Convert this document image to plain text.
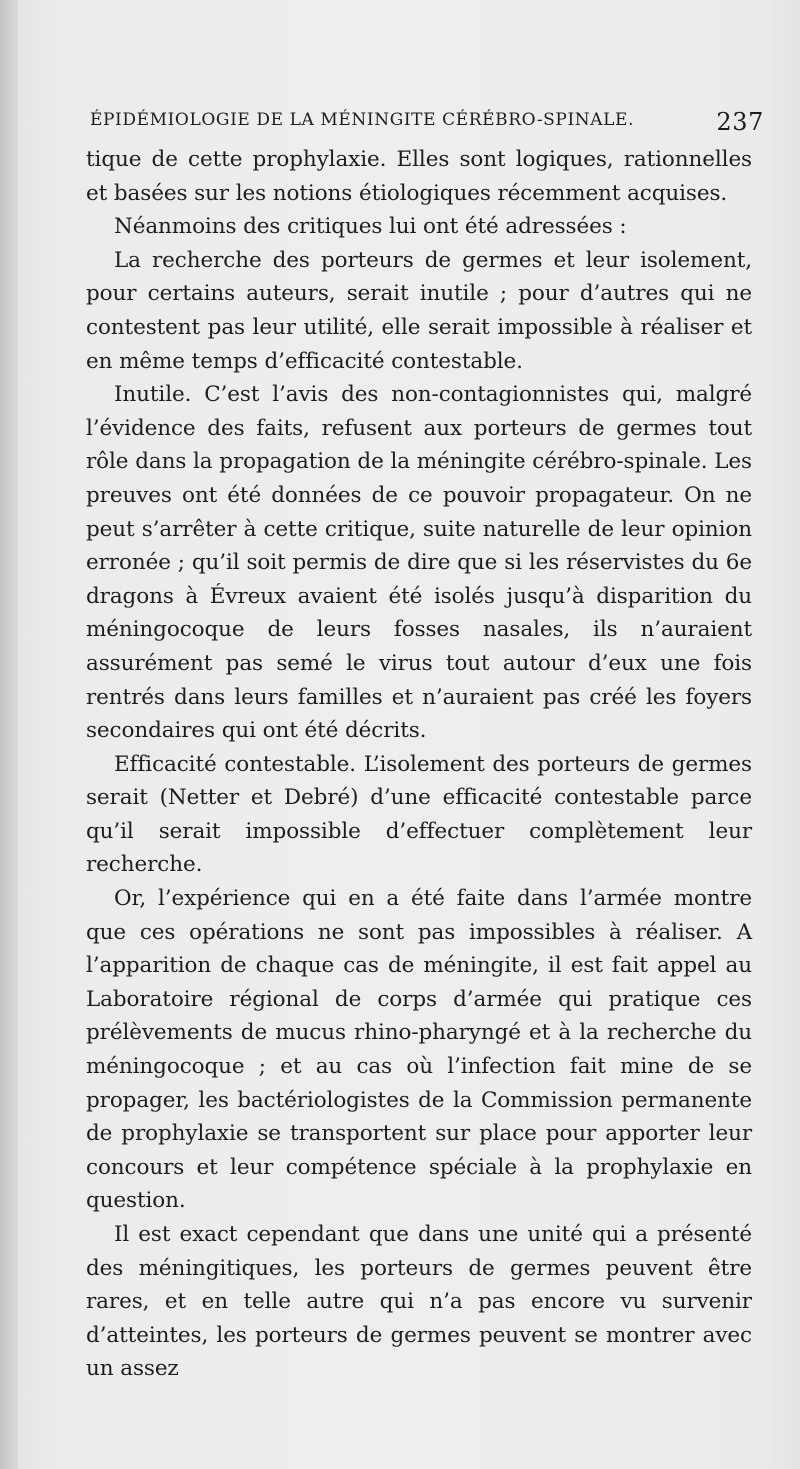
ÉPIDÉMIOLOGIE DE LA MÉNINGITE CÉRÉBRO-SPINALE.	237

tique de cette prophylaxie. Elles sont logiques, rationnelles et basées sur les notions étiologiques récemment acquises.

Néanmoins des critiques lui ont été adressées :

La recherche des porteurs de germes et leur isolement, pour certains auteurs, serait inutile ; pour d’autres qui ne contestent pas leur utilité, elle serait impossible à réaliser et en même temps d’efficacité contestable.

Inutile. C’est l’avis des non-contagionnistes qui, malgré l’évidence des faits, refusent aux porteurs de germes tout rôle dans la propagation de la méningite cérébro-spinale. Les preuves ont été données de ce pouvoir propagateur. On ne peut s’arrêter à cette critique, suite naturelle de leur opinion erronée ; qu’il soit permis de dire que si les réservistes du 6e dragons à Évreux avaient été isolés jusqu’à disparition du méningocoque de leurs fosses nasales, ils n’auraient assurément pas semé le virus tout autour d’eux une fois rentrés dans leurs familles et n’auraient pas créé les foyers secondaires qui ont été décrits.

Efficacité contestable. L’isolement des porteurs de germes serait (Netter et Debré) d’une efficacité contestable parce qu’il serait impossible d’effectuer complètement leur recherche.

Or, l’expérience qui en a été faite dans l’armée montre que ces opérations ne sont pas impossibles à réaliser. A l’apparition de chaque cas de méningite, il est fait appel au Laboratoire régional de corps d’armée qui pratique ces prélèvements de mucus rhino-pharyngé et à la recherche du méningocoque ; et au cas où l’infection fait mine de se propager, les bactériologistes de la Commission permanente de prophylaxie se transportent sur place pour apporter leur concours et leur compétence spéciale à la prophylaxie en question.

Il est exact cependant que dans une unité qui a présenté des méningitiques, les porteurs de germes peuvent être rares, et en telle autre qui n’a pas encore vu survenir d’atteintes, les porteurs de germes peuvent se montrer avec un assez
